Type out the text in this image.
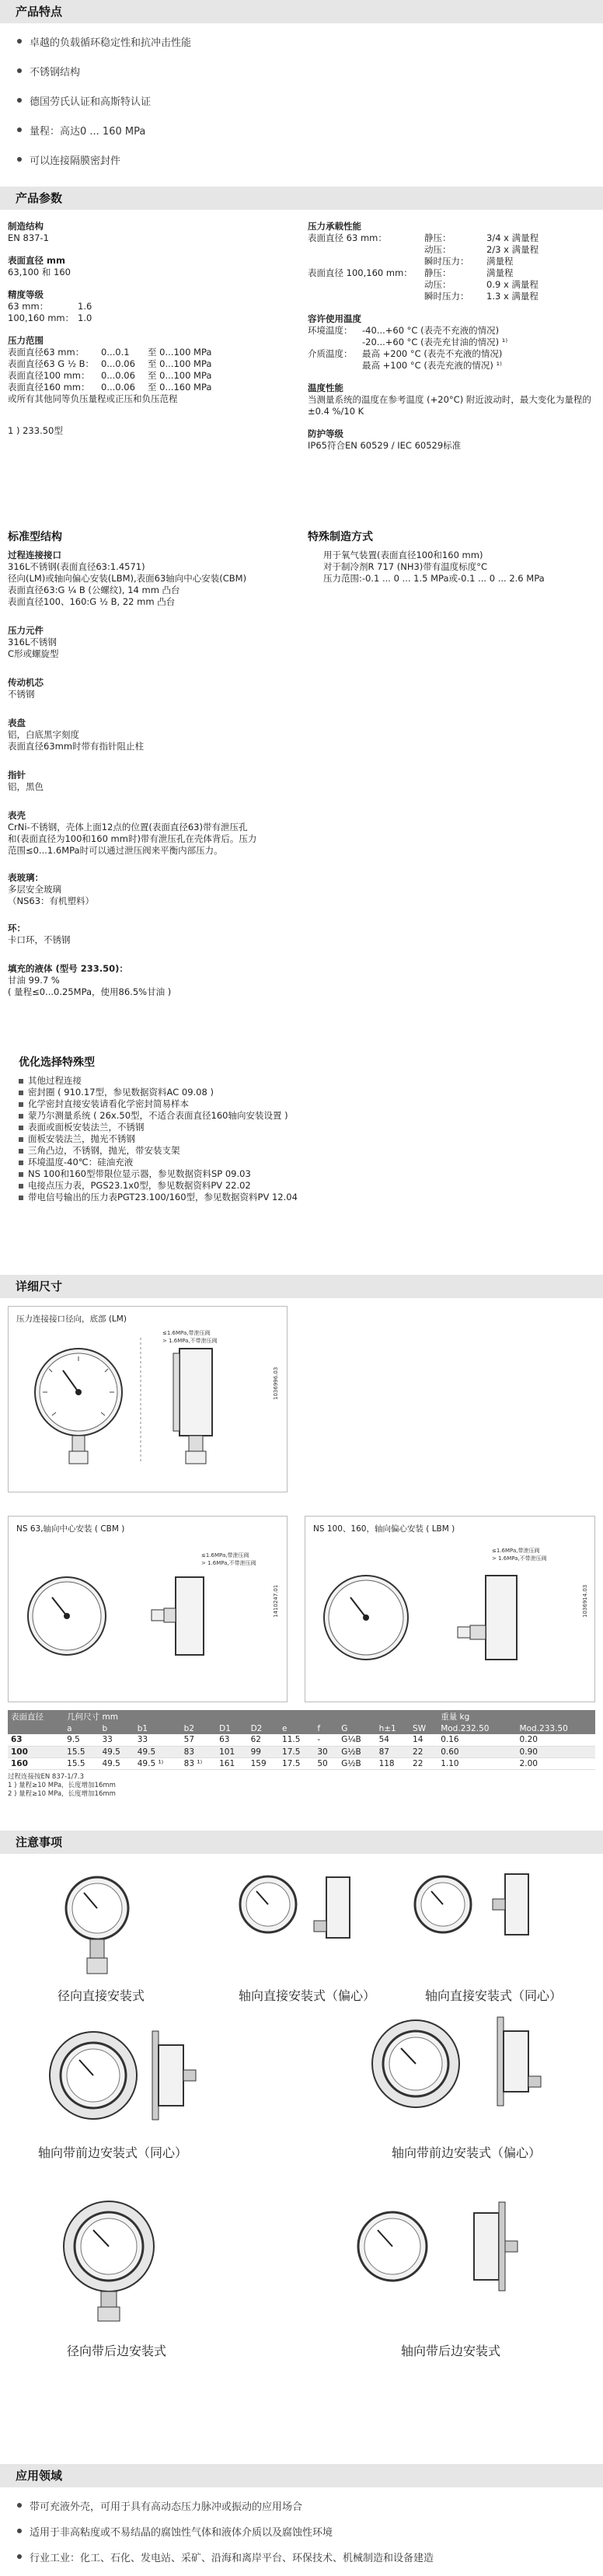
产品特点
卓越的负载循环稳定性和抗冲击性能
不锈钢结构
德国劳氏认证和高斯特认证
量程：高达0 ... 160 MPa
可以连接隔膜密封件
产品参数
制造结构
EN 837-1
表面直径 mm
63,100 和 160
精度等级
63 mm：	1.6
100,160 mm： 1.0
压力范围
表面直径63 mm：	0...0.1	至 0...100 MPa
表面直径63 G ½ B： 0...0.06	至 0...100 MPa
表面直径100 mm：	0...0.06	至 0...100 MPa
表面直径160 mm：	0...0.06	至 0...160 MPa
或所有其他同等负压量程或正压和负压范程
1 ) 233.50型
压力承载性能
表面直径 63 mm：	静压：	3/4 x 满量程
动压：	2/3 x 满量程
瞬时压力：	满量程
表面直径 100,160 mm：	静压：	满量程
动压：	0.9 x 满量程
瞬时压力：	1.3 x 满量程
容许使用温度
环境温度：	-40...+60 °C (表壳不充液的情况)
-20...+60 °C (表壳充甘油的情况) ¹⁾
介质温度：	最高 +200 °C (表壳不充液的情况)
最高 +100 °C (表壳充液的情况) ¹⁾
温度性能
当测量系统的温度在参考温度 (+20°C) 附近波动时，最大变化为量程的±0.4 %/10 K
防护等级
IP65符合EN 60529 / IEC 60529标准
标准型结构
过程连接接口
316L不锈钢(表面直径63:1.4571)
径向(LM)或轴向偏心安装(LBM),表面63轴向中心安装(CBM)
表面直径63:G ¼ B (公螺纹), 14 mm 凸台
表面直径100、160:G ½ B, 22 mm 凸台
压力元件
316L不锈钢
C形或螺旋型
传动机芯
不锈钢
表盘
铝，白底黑字刻度
表面直径63mm时带有指针阻止柱
指针
铝，黑色
表壳
CrNi-不锈钢，壳体上面12点的位置(表面直径63)带有泄压孔
和(表面直径为100和160 mm时)带有泄压孔在壳体背后。压力
范围≤0...1.6MPa时可以通过泄压阀来平衡内部压力。
表玻璃：
多层安全玻璃
（NS63：有机塑料）
环：
卡口环，不锈钢
填充的液体 (型号 233.50)：
甘油 99.7 %
( 量程≤0...0.25MPa，使用86.5%甘油 )
特殊制造方式
用于氧气装置(表面直径100和160 mm)
对于制冷剂R 717 (NH3)带有温度标度°C
压力范围:-0.1 ... 0 ... 1.5 MPa或-0.1 ... 0 ... 2.6 MPa
优化选择特殊型
其他过程连接
密封圈 ( 910.17型，参见数据资料AC 09.08 )
化学密封直接安装请看化学密封简易样本
蒙乃尔测量系统 ( 26x.50型，不适合表面直径160轴向安装设置 )
表面或面板安装法兰，不锈钢
面板安装法兰，抛光不锈钢
三角凸边，不锈钢，抛光，带安装支架
环境温度-40℃：硅油充液
NS 100和160型带限位显示器，参见数据资料SP 09.03
电接点压力表，PGS23.1x0型，参见数据资料PV 22.02
带电信号输出的压力表PGT23.100/160型，参见数据资料PV 12.04
详细尺寸
压力连接接口径向，底部 (LM)
≤1.6MPa,带泄压阀
> 1.6MPa,不带泄压阀
1036996.03
NS 63,轴向中心安装 ( CBM )
≤1.6MPa,带泄压阀
> 1.6MPa,不带泄压阀
1410247.01
NS 100、160，轴向偏心安装 ( LBM )
≤1.6MPa,带泄压阀
> 1.6MPa,不带泄压阀
1036914.03
表面直径	几何尺寸 mm											重量 kg	
	a	b	b1	b2	D1	D2	e	f	G	h±1	SW	Mod.232.50	Mod.233.50
63	9.5	33	33	57	63	62	11.5	-	G¼B	54	14	0.16	0.20
100	15.5	49.5	49.5	83	101	99	17.5	30	G½B	87	22	0.60	0.90
160	15.5	49.5	49.5 ¹⁾	83 ¹⁾	161	159	17.5	50	G½B	118	22	1.10	2.00
过程连接按EN 837-1/7.3
1 ) 量程≥10 MPa，长度增加16mm
2 ) 量程≥10 MPa，长度增加16mm
注意事项
径向直接安装式	轴向直接安装式（偏心）	轴向直接安装式（同心）
轴向带前边安装式（同心）	轴向带前边安装式（偏心）
径向带后边安装式	轴向带后边安装式
应用领域
带可充液外壳，可用于具有高动态压力脉冲或振动的应用场合
适用于非高粘度或不易结晶的腐蚀性气体和液体介质以及腐蚀性环境
行业工业：化工、石化、发电站、采矿、沿海和离岸平台、环保技术、机械制造和设备建造
